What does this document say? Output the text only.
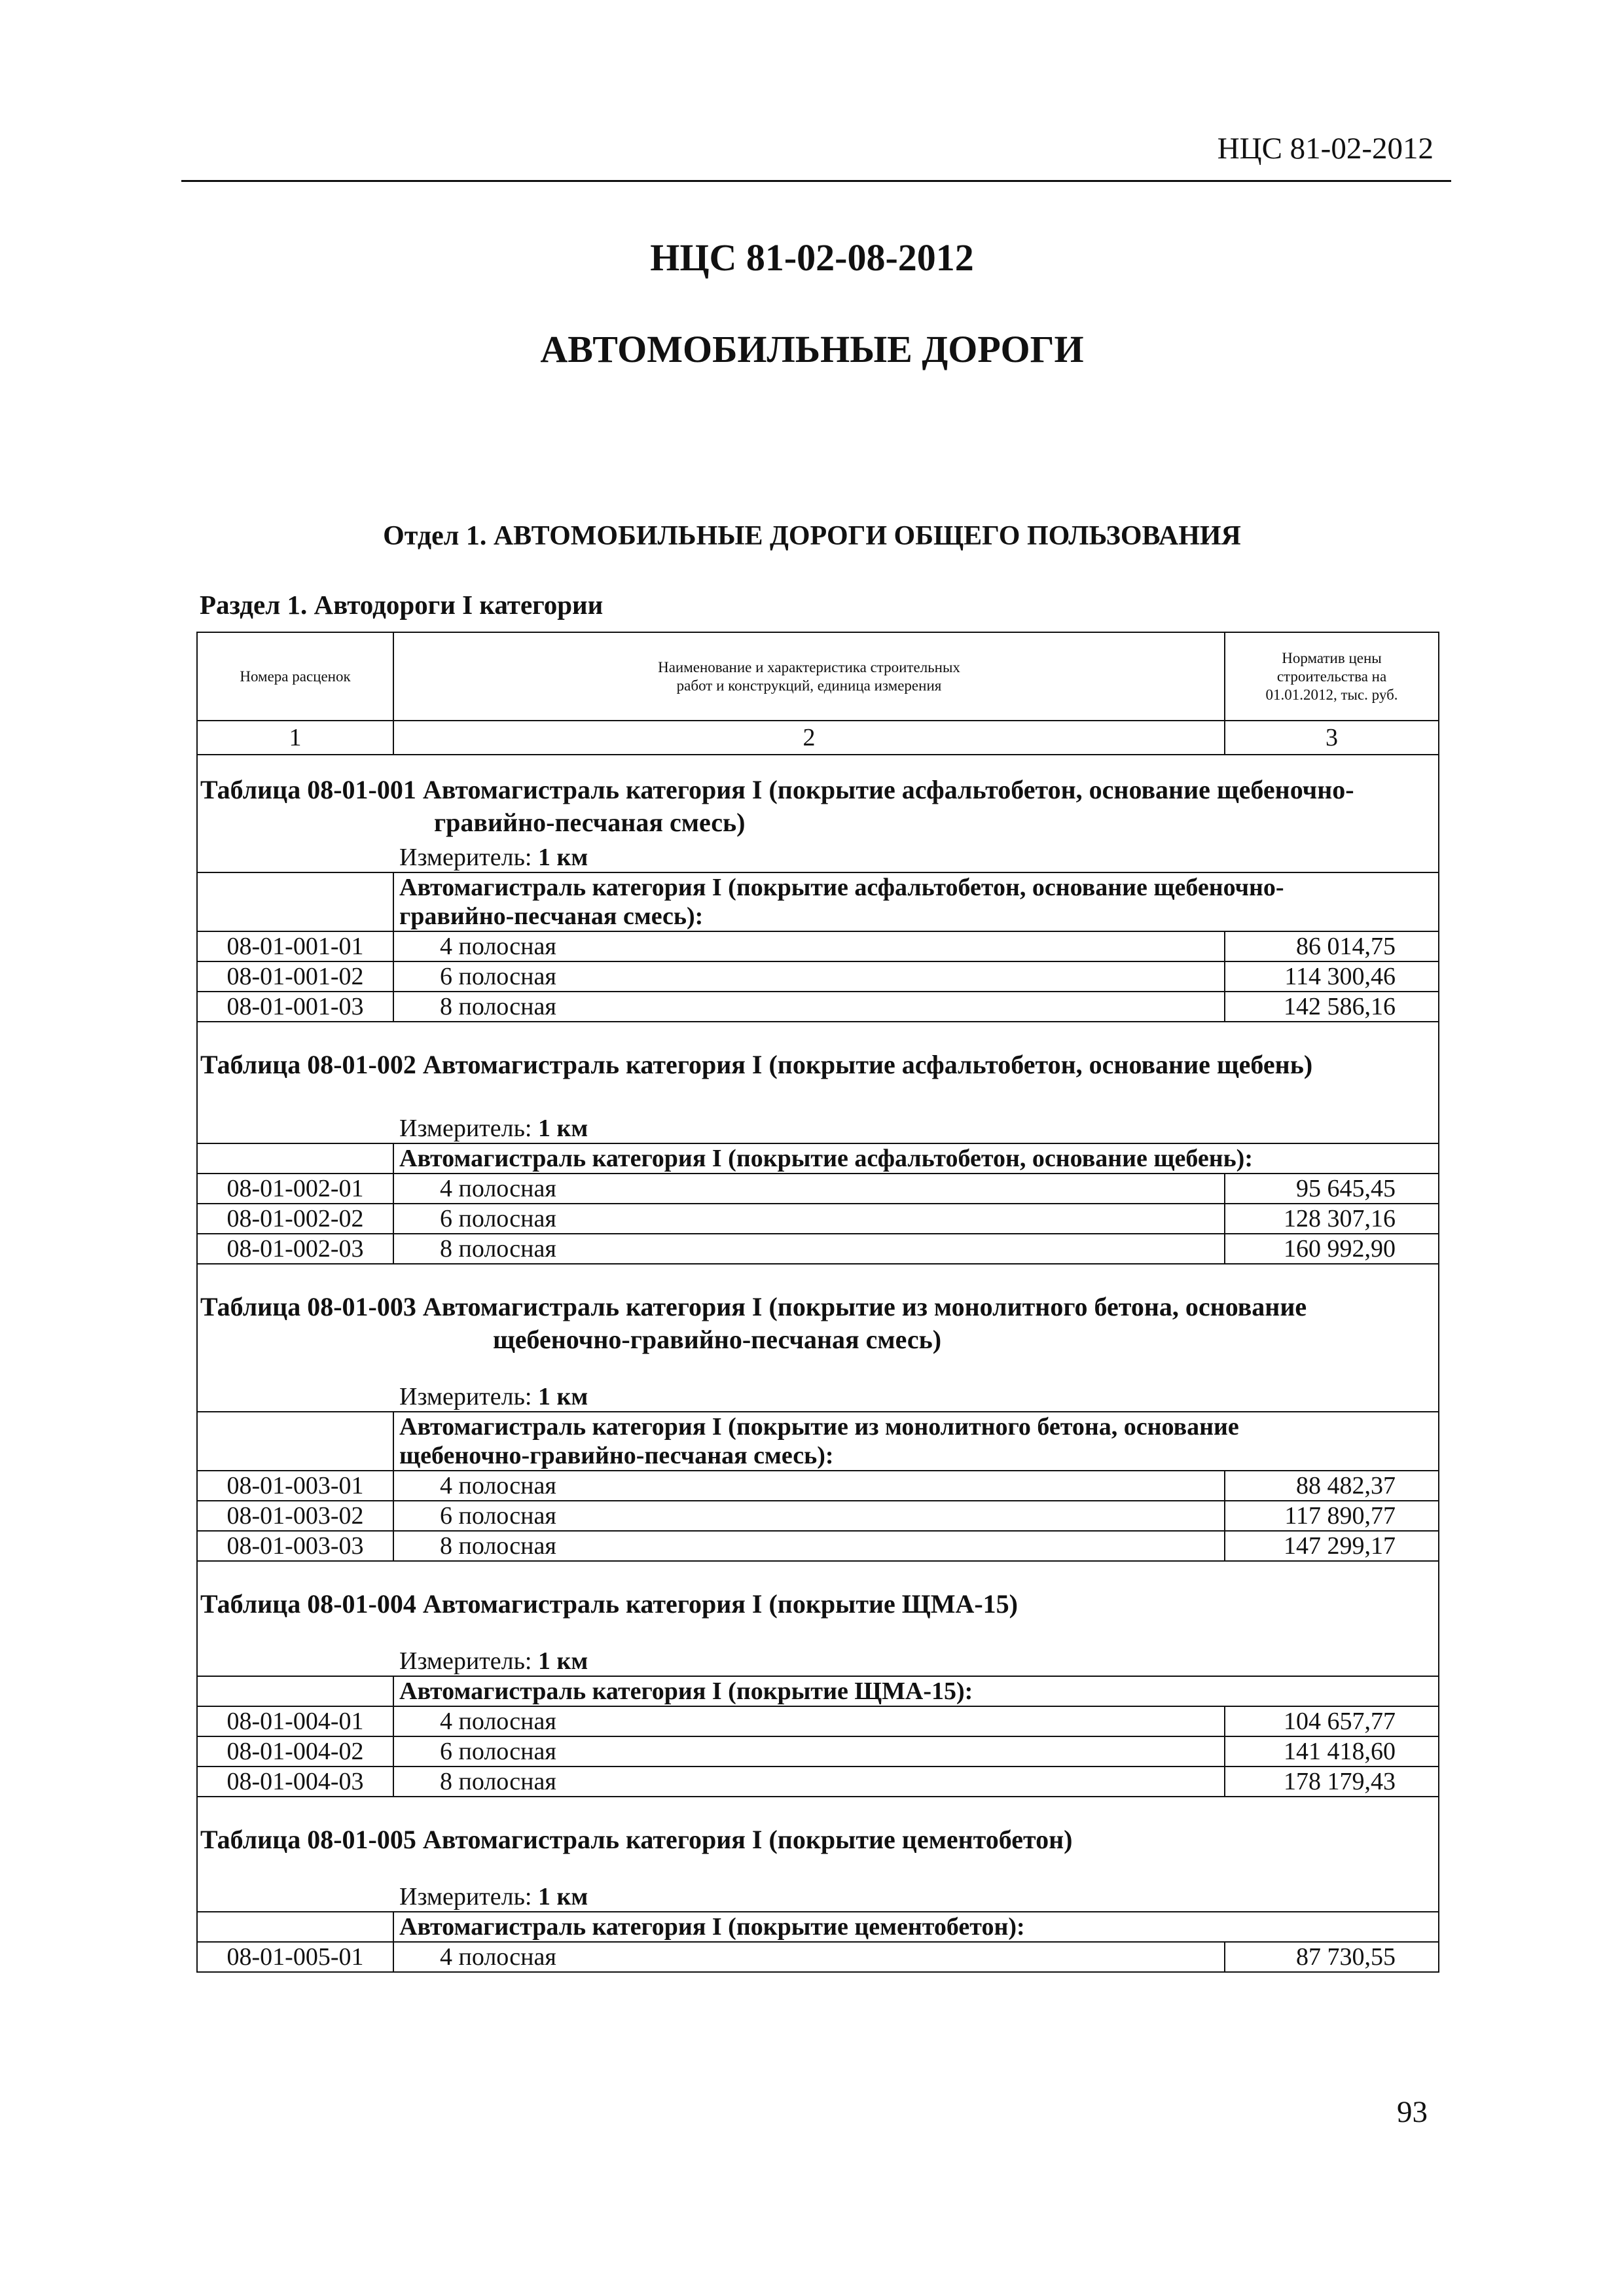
НЦС 81-02-2012
НЦС 81-02-08-2012
АВТОМОБИЛЬНЫЕ ДОРОГИ
Отдел 1. АВТОМОБИЛЬНЫЕ ДОРОГИ ОБЩЕГО ПОЛЬЗОВАНИЯ
Раздел 1. Автодороги I категории
Номера расценок	Наименование и характеристика строительных работ и конструкций, единица измерения	Норматив цены строительства на 01.01.2012, тыс. руб.
1	2	3

Таблица 08-01-001 Автомагистраль категория I (покрытие асфальтобетон, основание щебеночно-
гравийно-песчаная смесь)		

Измеритель: 1 км		

	Автомагистраль категория I (покрытие асфальтобетон, основание щебеночно-
гравийно-песчаная смесь):	

08-01-001-01	4 полосная	86 014,75
08-01-001-02	6 полосная	114 300,46
08-01-001-03	8 полосная	142 586,16

Таблица 08-01-002 Автомагистраль категория I (покрытие асфальтобетон, основание щебень)		

Измеритель: 1 км		

	Автомагистраль категория I (покрытие асфальтобетон, основание щебень):	

08-01-002-01	4 полосная	95 645,45
08-01-002-02	6 полосная	128 307,16
08-01-002-03	8 полосная	160 992,90

Таблица 08-01-003 Автомагистраль категория I (покрытие из монолитного бетона, основание
щебеночно-гравийно-песчаная смесь)		

Измеритель: 1 км		

	Автомагистраль категория I (покрытие из монолитного бетона, основание
щебеночно-гравийно-песчаная смесь):	

08-01-003-01	4 полосная	88 482,37
08-01-003-02	6 полосная	117 890,77
08-01-003-03	8 полосная	147 299,17

Таблица 08-01-004 Автомагистраль категория I (покрытие ЩМА-15)		

Измеритель: 1 км		

	Автомагистраль категория I (покрытие ЩМА-15):	

08-01-004-01	4 полосная	104 657,77
08-01-004-02	6 полосная	141 418,60
08-01-004-03	8 полосная	178 179,43

Таблица 08-01-005 Автомагистраль категория I (покрытие цементобетон)		

Измеритель: 1 км		

	Автомагистраль категория I (покрытие цементобетон):	

08-01-005-01	4 полосная	87 730,55
93
